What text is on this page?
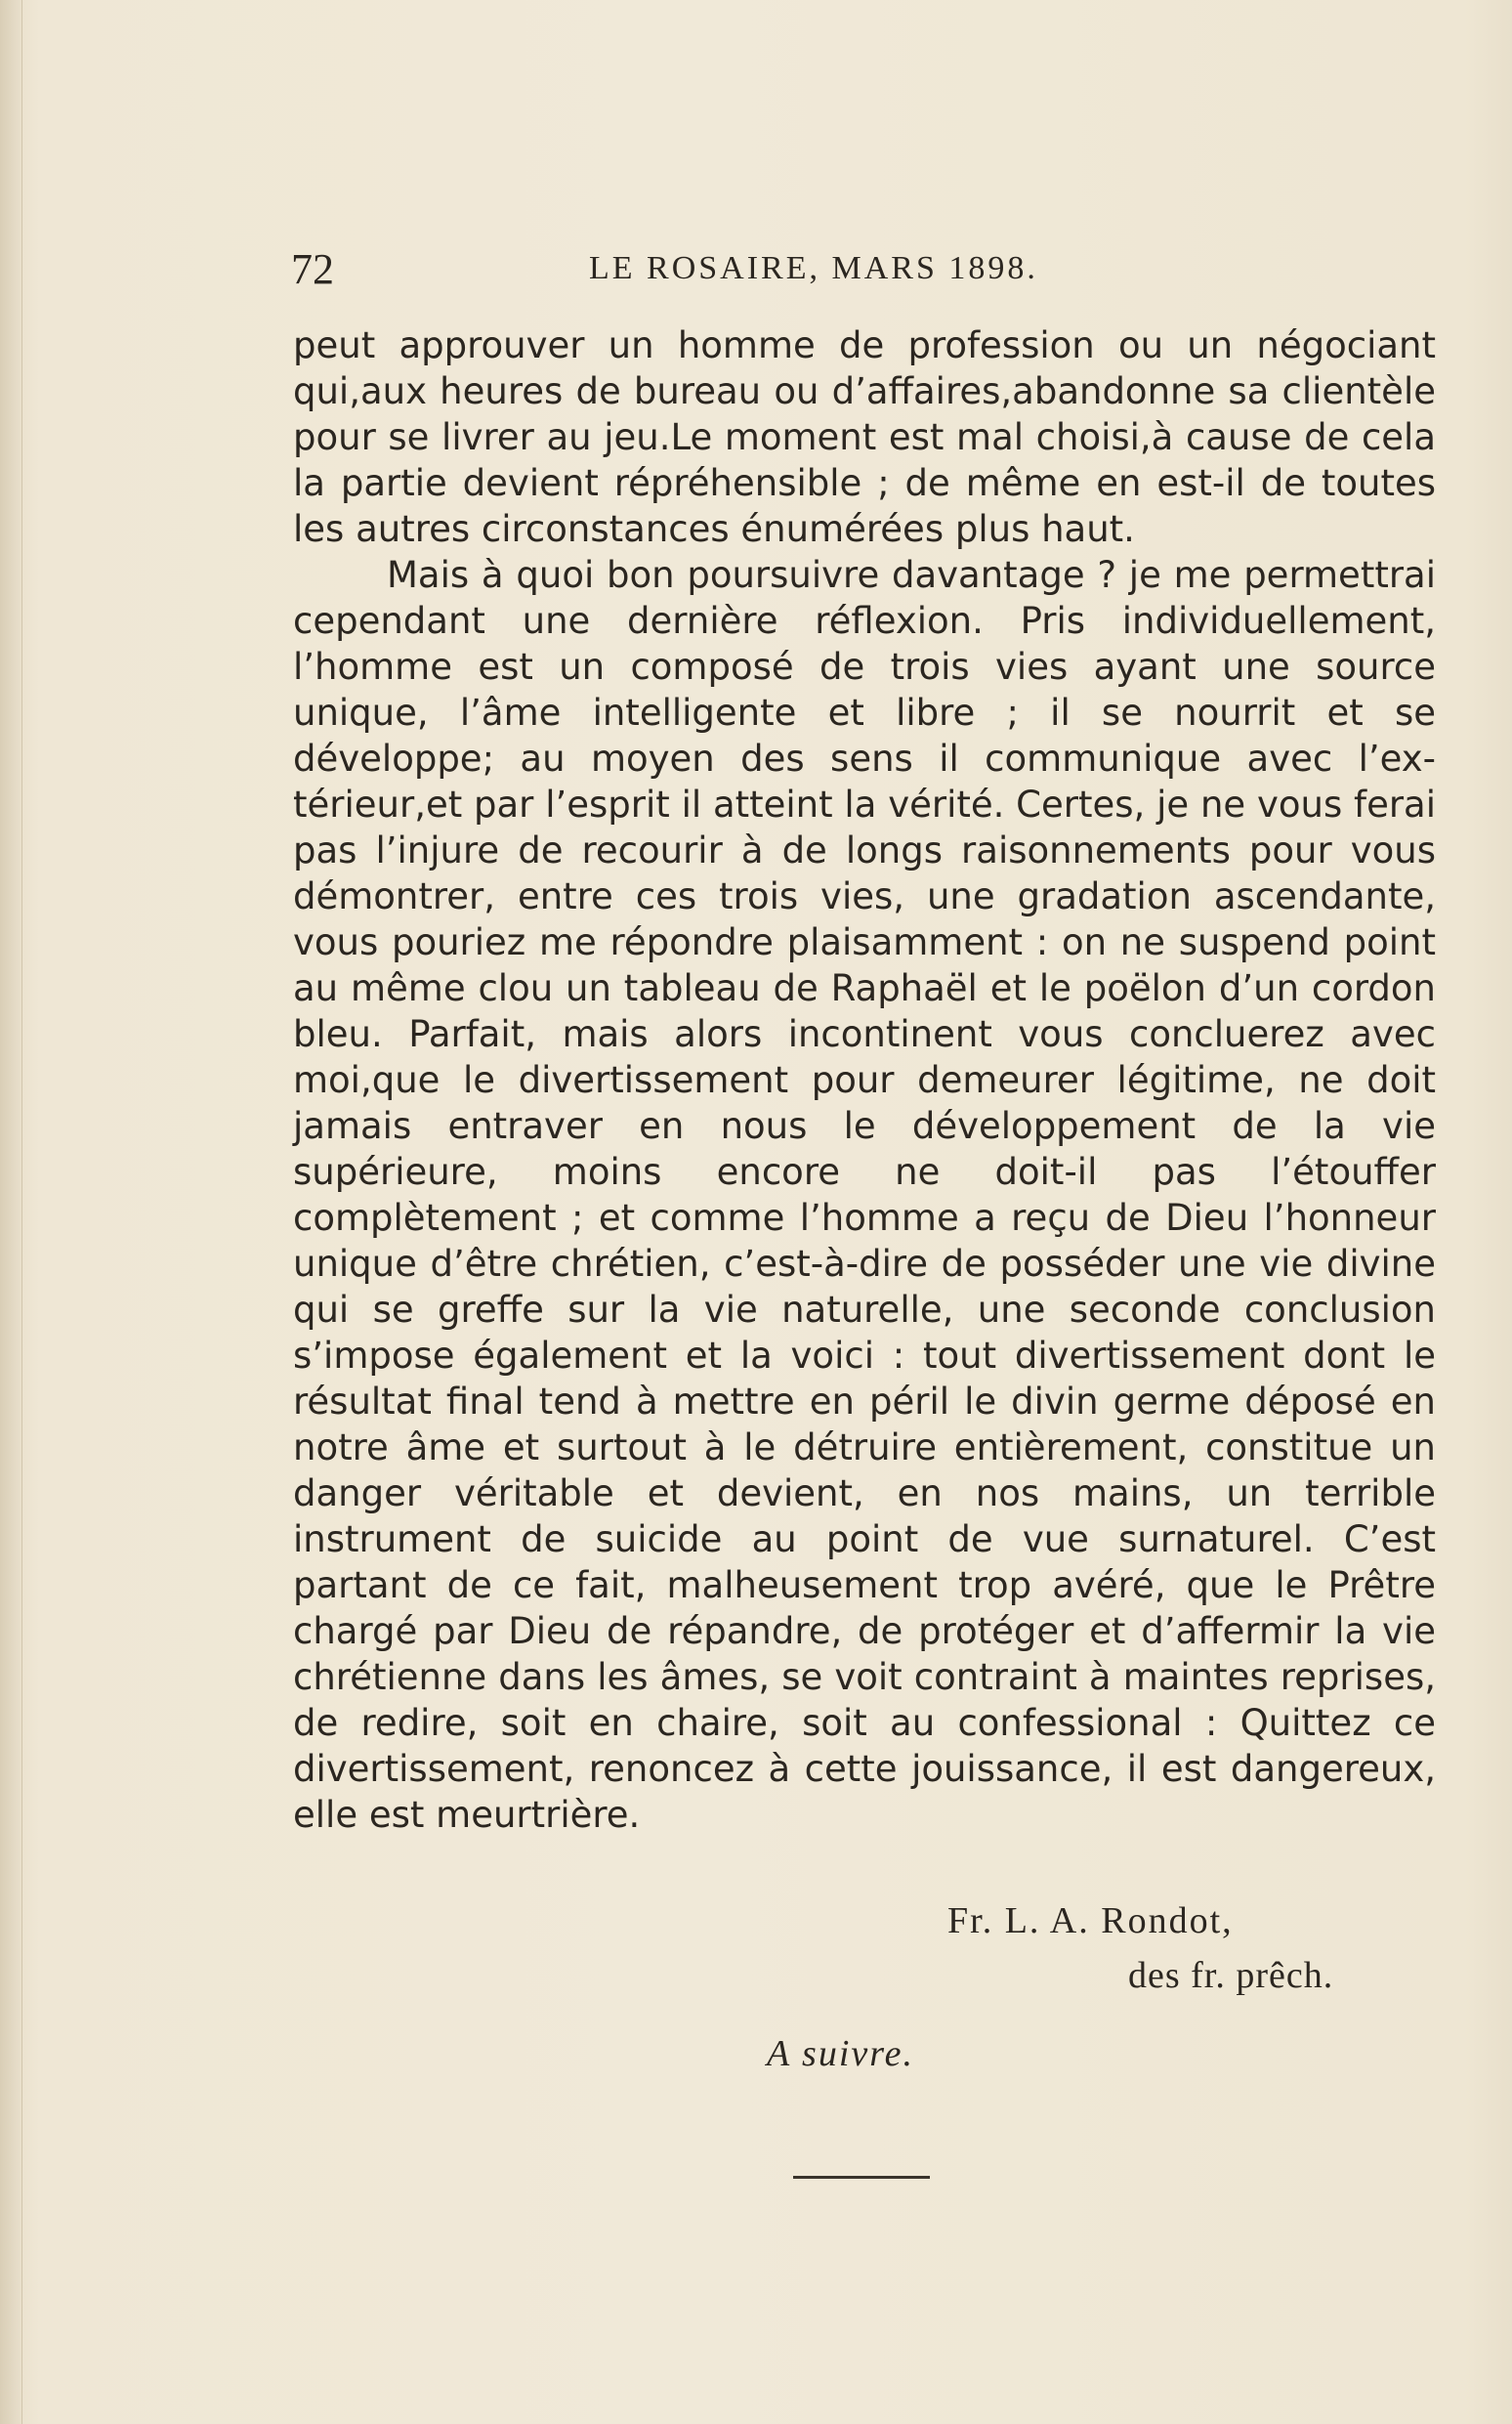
72	LE ROSAIRE, MARS 1898.

peut approuver un homme de profession ou un négociant qui,aux heures de bureau ou d’affaires,abandonne sa clientèle pour se livrer au jeu.Le moment est mal choisi,à cause de cela la partie devient répréhensible ; de même en est-il de toutes les autres circonstances énumérées plus haut.

Mais à quoi bon poursuivre davantage ? je me permettrai cependant une dernière réflexion. Pris individuellement, l’homme est un composé de trois vies ayant une source unique, l’âme intelligente et libre ; il se nourrit et se développe; au moyen des sens il communique avec l’extérieur,et par l’esprit il atteint la vérité. Certes, je ne vous ferai pas l’injure de recourir à de longs raisonnements pour vous démontrer, entre ces trois vies, une gradation ascendante, vous pouriez me répondre plaisamment : on ne suspend point au même clou un tableau de Raphaël et le poëlon d’un cordon bleu. Parfait, mais alors incontinent vous concluerez avec moi,que le divertissement pour demeurer légitime, ne doit jamais entraver en nous le développement de la vie supérieure, moins encore ne doit-il pas l’étouffer complètement ; et comme l’homme a reçu de Dieu l’honneur unique d’être chrétien, c’est-à-dire de posséder une vie divine qui se greffe sur la vie naturelle, une seconde conclusion s’impose également et la voici : tout divertissement dont le résultat final tend à mettre en péril le divin germe déposé en notre âme et surtout à le détruire entièrement, constitue un danger véritable et devient, en nos mains, un terrible instrument de suicide au point de vue surnaturel. C’est partant de ce fait, malheusement trop avéré, que le Prêtre chargé par Dieu de répandre, de protéger et d’affermir la vie chrétienne dans les âmes, se voit contraint à maintes reprises, de redire, soit en chaire, soit au confessional : Quittez ce divertissement, renoncez à cette jouissance, il est dangereux, elle est meurtrière.

Fr. L. A. Rondot,
des fr. prêch.
A suivre.
